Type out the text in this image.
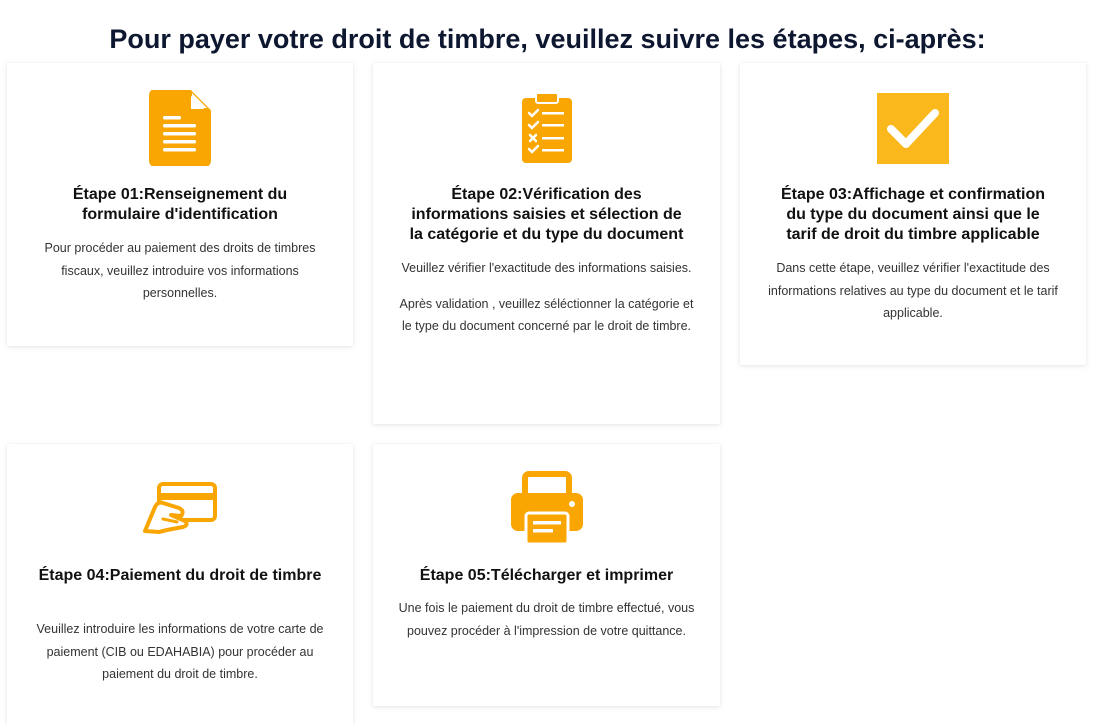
Pour payer votre droit de timbre, veuillez suivre les étapes, ci-après:
Étape 01:Renseignement du formulaire d'identification

Pour procéder au paiement des droits de timbres fiscaux, veuillez introduire vos informations personnelles.

Étape 02:Vérification des informations saisies et sélection de la catégorie et du type du document

Veuillez vérifier l'exactitude des informations saisies.

Après validation , veuillez séléctionner la catégorie et le type du document concerné par le droit de timbre.

Étape 03:Affichage et confirmation du type du document ainsi que le tarif de droit du timbre applicable

Dans cette étape, veuillez vérifier l'exactitude des informations relatives au type du document et le tarif applicable.

Étape 04:Paiement du droit de timbre

Veuillez introduire les informations de votre carte de paiement (CIB ou EDAHABIA) pour procéder au paiement du droit de timbre.

Étape 05:Télécharger et imprimer

Une fois le paiement du droit de timbre effectué, vous pouvez procéder à l'impression de votre quittance.
